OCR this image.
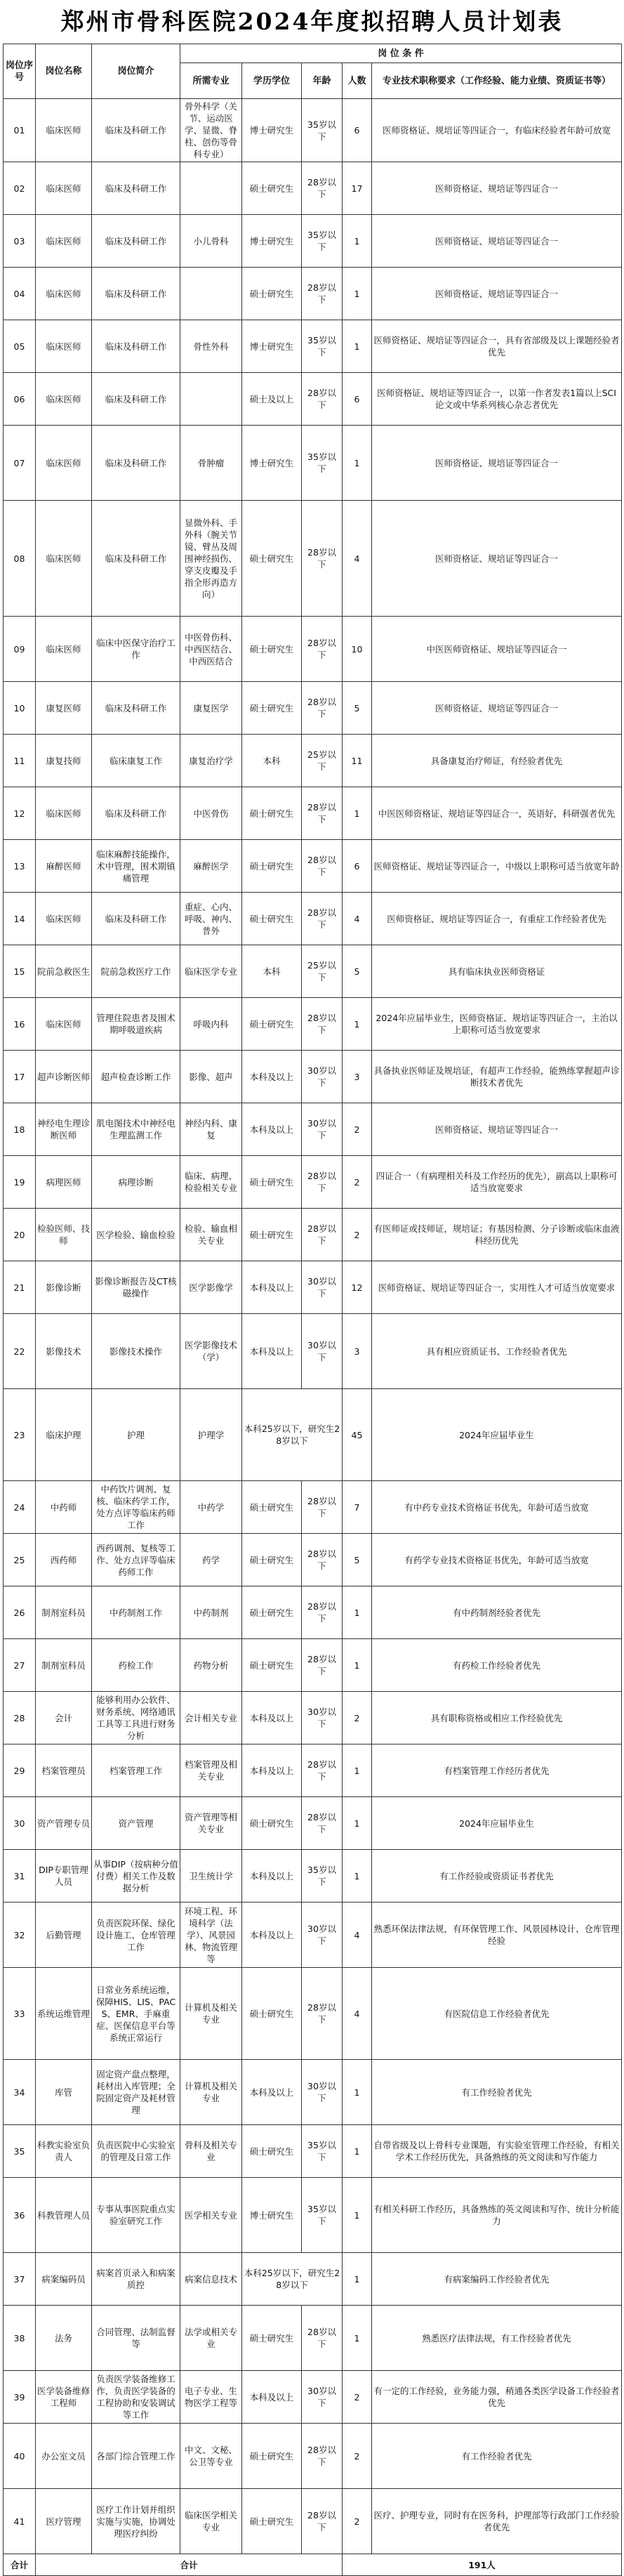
郑州市骨科医院2024年度拟招聘人员计划表
岗位序号	岗位名称	岗位简介	岗 位 条 件				
			所需专业	学历学位	年龄	人数	专业技术职称要求（工作经验、能力业绩、资质证书等）
01	临床医师	临床及科研工作	骨外科学（关节、运动医学、显微、脊柱、创伤等骨科专业）	博士研究生	35岁以下	6	医师资格证、规培证等四证合一，有临床经验者年龄可放宽
02	临床医师	临床及科研工作		硕士研究生	28岁以下	17	医师资格证、规培证等四证合一
03	临床医师	临床及科研工作	小儿骨科	博士研究生	35岁以下	1	医师资格证、规培证等四证合一
04	临床医师	临床及科研工作		硕士研究生	28岁以下	1	医师资格证、规培证等四证合一
05	临床医师	临床及科研工作	骨性外科	博士研究生	35岁以下	1	医师资格证、规培证等四证合一，具有省部级及以上课题经验者优先
06	临床医师	临床及科研工作		硕士及以上	28岁以下	6	医师资格证、规培证等四证合一，以第一作者发表1篇以上SCI论文或中华系列核心杂志者优先
07	临床医师	临床及科研工作	骨肿瘤	博士研究生	35岁以下	1	医师资格证、规培证等四证合一
08	临床医师	临床及科研工作	显微外科、手外科（腕关节镜、臂丛及周围神经损伤、穿支皮瓣及手指全形再造方向）	硕士研究生	28岁以下	4	医师资格证、规培证等四证合一
09	临床医师	临床中医保守治疗工作	中医骨伤科、中西医结合、中西医结合	硕士研究生	28岁以下	10	中医医师资格证、规培证等四证合一
10	康复医师	临床及科研工作	康复医学	硕士研究生	28岁以下	5	医师资格证、规培证等四证合一
11	康复技师	临床康复工作	康复治疗学	本科	25岁以下	11	具备康复治疗师证，有经验者优先
12	临床医师	临床及科研工作	中医骨伤	硕士研究生	28岁以下	1	中医医师资格证、规培证等四证合一，英语好，科研强者优先
13	麻醉医师	临床麻醉技能操作，术中管理，围术期镇痛管理	麻醉医学	硕士研究生	28岁以下	6	医师资格证、规培证等四证合一，中级以上职称可适当放宽年龄
14	临床医师	临床及科研工作	重症、心内、呼吸、神内、普外	硕士研究生	28岁以下	4	医师资格证、规培证等四证合一，有重症工作经验者优先
15	院前急救医生	院前急救医疗工作	临床医学专业	本科	25岁以下	5	具有临床执业医师资格证
16	临床医师	管理住院患者及围术期呼吸道疾病	呼吸内科	硕士研究生	28岁以下	1	2024年应届毕业生，医师资格证、规培证等四证合一，主治以上职称可适当放宽要求
17	超声诊断医师	超声检查诊断工作	影像、超声	本科及以上	30岁以下	3	具备执业医师证及规培证，有超声工作经验，能熟练掌握超声诊断技术者优先
18	神经电生理诊断医师	肌电图技术中神经电生理监测工作	神经内科、康复	本科及以上	30岁以下	2	医师资格证、规培证等四证合一
19	病理医师	病理诊断	临床、病理、检验相关专业	硕士研究生	28岁以下	2	四证合一（有病理相关科及工作经历的优先），副高以上职称可适当放宽要求
20	检验医师、技师	医学检验、输血检验	检验、输血相关专业	硕士研究生	28岁以下	2	有医师证或技师证，规培证；有基因检测、分子诊断或临床血液科经历优先
21	影像诊断	影像诊断报告及CT核磁操作	医学影像学	本科及以上	30岁以下	12	医师资格证、规培证等四证合一，实用性人才可适当放宽要求
22	影像技术	影像技术操作	医学影像技术（学）	本科及以上	30岁以下	3	具有相应资质证书、工作经验者优先
23	临床护理	护理	护理学	本科25岁以下，研究生28岁以下		45	2024年应届毕业生
24	中药师	中药饮片调剂、复核、临床药学工作，处方点评等临床药师工作	中药学	硕士研究生	28岁以下	7	有中药专业技术资格证书优先，年龄可适当放宽
25	西药师	西药调剂、复核等工作、处方点评等临床药师工作	药学	硕士研究生	28岁以下	5	有药学专业技术资格证书优先，年龄可适当放宽
26	制剂室科员	中药制剂工作	中药制剂	硕士研究生	28岁以下	1	有中药制剂经验者优先
27	制剂室科员	药检工作	药物分析	硕士研究生	28岁以下	1	有药检工作经验者优先
28	会计	能够利用办公软件、财务系统、网络通讯工具等工具进行财务分析	会计相关专业	本科及以上	30岁以下	2	具有职称资格或相应工作经验优先
29	档案管理员	档案管理工作	档案管理及相关专业	本科及以上	28岁以下	1	有档案管理工作经历者优先
30	资产管理专员	资产管理	资产管理等相关专业	硕士研究生	28岁以下	1	2024年应届毕业生
31	DIP专职管理人员	从事DIP（按病种分值付费）相关工作及数据分析	卫生统计学	本科及以上	35岁以下	1	有工作经验或资质证书者优先
32	后勤管理	负责医院环保、绿化设计施工、仓库管理工作	环境工程、环境科学（法学）、风景园林、物流管理等	本科及以上	30岁以下	4	熟悉环保法律法规，有环保管理工作、风景园林设计、仓库管理经验
33	系统运维管理	日常业务系统运维，保障HIS、LIS、PACS、EMR、手麻重症、医保信息平台等系统正常运行	计算机及相关专业	硕士研究生	28岁以下	4	有医院信息工作经验者优先
34	库管	固定资产盘点整理，耗材出入库管理；全院固定资产及耗材管理	计算机及相关专业	本科及以上	30岁以下	1	有工作经验者优先
35	科教实验室负责人	负责医院中心实验室的管理及日常工作	骨科及相关专业	硕士研究生	35岁以下	1	自带省级及以上骨科专业课题，有实验室管理工作经验，有相关学术工作经历优先，具备熟练的英文阅读和写作能力
36	科教管理人员	专事从事医院重点实验室研究工作	医学相关专业	博士研究生	35岁以下	1	有相关科研工作经历，具备熟练的英文阅读和写作、统计分析能力
37	病案编码员	病案首页录入和病案质控	病案信息技术	本科25岁以下，研究生28岁以下		1	有病案编码工作经验者优先
38	法务	合同管理、法制监督等	法学或相关专业	硕士研究生	28岁以下	1	熟悉医疗法律法规，有工作经验者优先
39	医学装备维修工程师	负责医学装备维修工作，负责医学装备的工程协助和安装调试等工作	电子专业、生物医学工程等	本科及以上	30岁以下	2	有一定的工作经验，业务能力强，稍通各类医学设备工作经验者优先
40	办公室文员	各部门综合管理工作	中文、文秘、公卫等专业	硕士研究生	28岁以下	2	有工作经验者优先
41	医疗管理	医疗工作计划并组织实施与实施，协调处理医疗纠纷	临床医学相关专业	硕士研究生	28岁以下	2	医疗、护理专业，同时有在医务科，护理部等行政部门工作经验者优先
合计	合计					191人	
